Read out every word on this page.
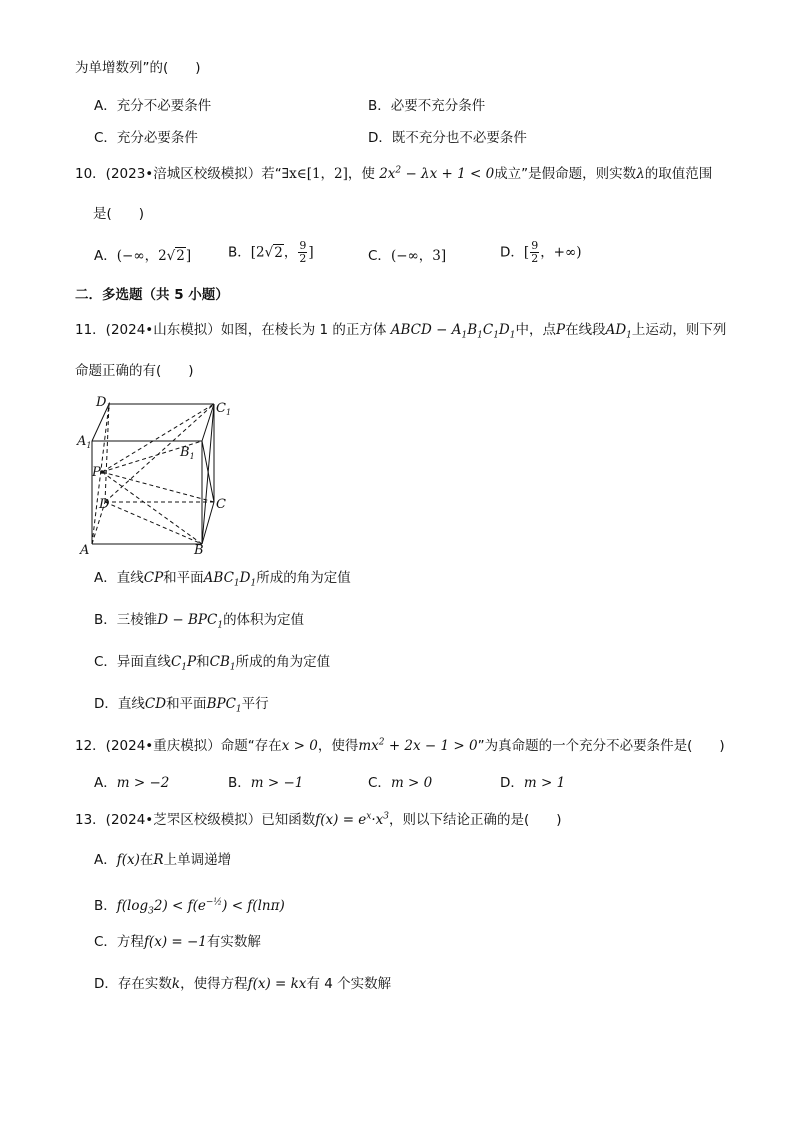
为单增数列”的(　　)
A．充分不必要条件	B．必要不充分条件
C．充分必要条件	D．既不充分也不必要条件
10．(2023•涪城区校级模拟）若“∃x∈[1，2]，使 $2x^2 - \lambda x + 1 < 0$成立”是假命题，则实数λ的取值范围
是(　　)
A．(−∞，2√2]	B．[2√2， $\frac{9}{2}$ ]	C．(−∞，3]	D．[ $\frac{9}{2}$ ，+∞)
二．多选题（共 5 小题）
11．(2024•山东模拟）如图，在棱长为 1 的正方体 ABCD − $A_1B_1C_1D_1$中，点P在线段$AD_1$上运动，则下列
命题正确的有(　　)
$D_1$	$C_1$
$A_1$	$B_1$
P
D	C
A	B
A．直线CP和平面$ABC_1D_1$所成的角为定值
B．三棱锥$D - BPC_1$的体积为定值
C．异面直线$C_1P$和$CB_1$所成的角为定值
D．直线CD和平面$BPC_1$平行
12．(2024•重庆模拟）命题“存在x > 0，使得$mx^2 + 2x - 1 > 0$”为真命题的一个充分不必要条件是(　　)
A．m > −2	B．m > −1	C．m > 0	D．m > 1
13．(2024•芝罘区校级模拟）已知函数$f(x) = e^x\cdot x^3$，则以下结论正确的是(　　)
A．f(x)在R上单调递增
B．$f(\log_32) < f(e^{-\frac{1}{2}}) < f(\ln\pi)$
C．方程f(x) = −1有实数解
D．存在实数k，使得方程f(x) = kx有 4 个实数解
